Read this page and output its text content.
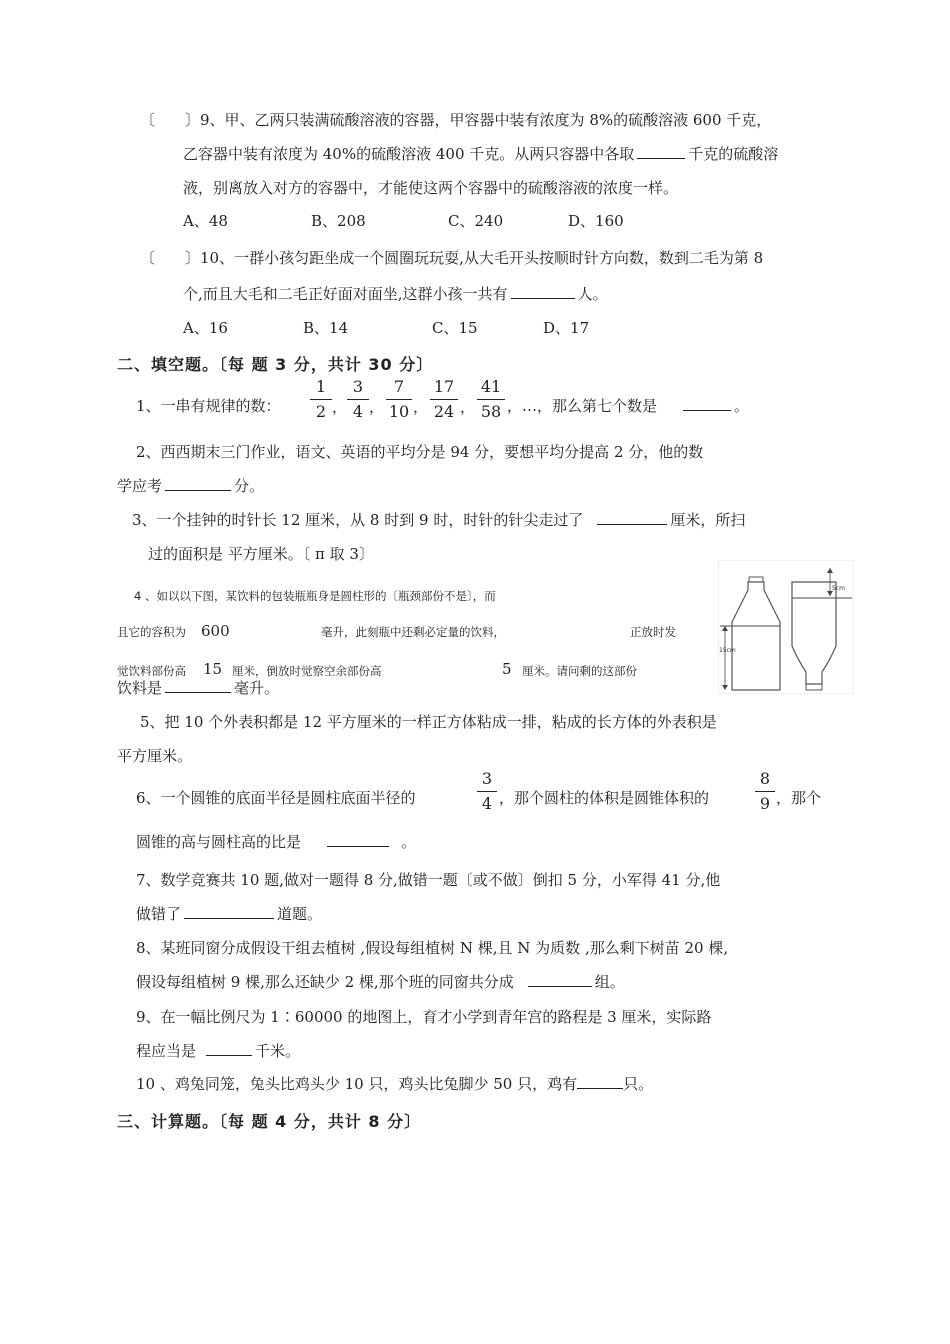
〔　　〕 9、甲、乙两只装满硫酸溶液的容器，甲容器中装有浓度为 8%的硫酸溶液 600 千克，
乙容器中装有浓度为 40%的硫酸溶液 400 千克。从两只容器中各取	千克的硫酸溶
液，别离放入对方的容器中，才能使这两个容器中的硫酸溶液的浓度一样。
A、48	B、208	C、240	D、160
〔　　〕 10、一群小孩匀距坐成一个圆圈玩玩耍,从大毛开头按顺时针方向数，数到二毛为第 8
个,而且大毛和二毛正好面对面坐,这群小孩一共有	人。
A、16	B、14	C、15	D、17
二、填空题。〔每 题 3 分，共计 30 分〕
1、一串有规律的数：
1
2 ，
3
4 ，
7
10 ，
17
24 ，
41
58 ，…，那么第七个数是	。
2、西西期末三门作业，语文、英语的平均分是 94 分，要想平均分提高 2 分，他的数
学应考	分。
3、一个挂钟的时针长 12 厘米，从 8 时到 9 时，时针的针尖走过了	厘米，所扫
过的面积是 平方厘米。〔 π 取 3〕
4 、如以以下图，某饮料的包装瓶瓶身是圆柱形的〔瓶颈部份不是〕，而
且它的容积为 600	毫升，此刻瓶中还剩必定量的饮料，	正放时发
觉饮料部份高 15 厘米，倒放时觉察空余部份高	5 厘米。请问剩的这部份
饮料是	毫升。
15cm
5cm
5、把 10 个外表积都是 12 平方厘米的一样正方体粘成一排，粘成的长方体的外表积是
平方厘米。
6、一个圆锥的底面半径是圆柱底面半径的
3
4 ，那个圆柱的体积是圆锥体积的
8
9 ，那个
圆锥的高与圆柱高的比是	。
7、数学竞赛共 10 题,做对一题得 8 分,做错一题〔或不做〕倒扣 5 分，小军得 41 分,他
做错了	道题。
8、某班同窗分成假设干组去植树 ,假设每组植树 N 棵,且 N 为质数 ,那么剩下树苗 20 棵,
假设每组植树 9 棵,那么还缺少 2 棵,那个班的同窗共分成	组。
9、在一幅比例尺为 1∶60000 的地图上，育才小学到青年宫的路程是 3 厘米，实际路
程应当是	千米。
10 、鸡兔同笼，兔头比鸡头少 10 只，鸡头比兔脚少 50 只，鸡有	只。
三、计算题。〔每 题 4 分，共计 8 分〕
